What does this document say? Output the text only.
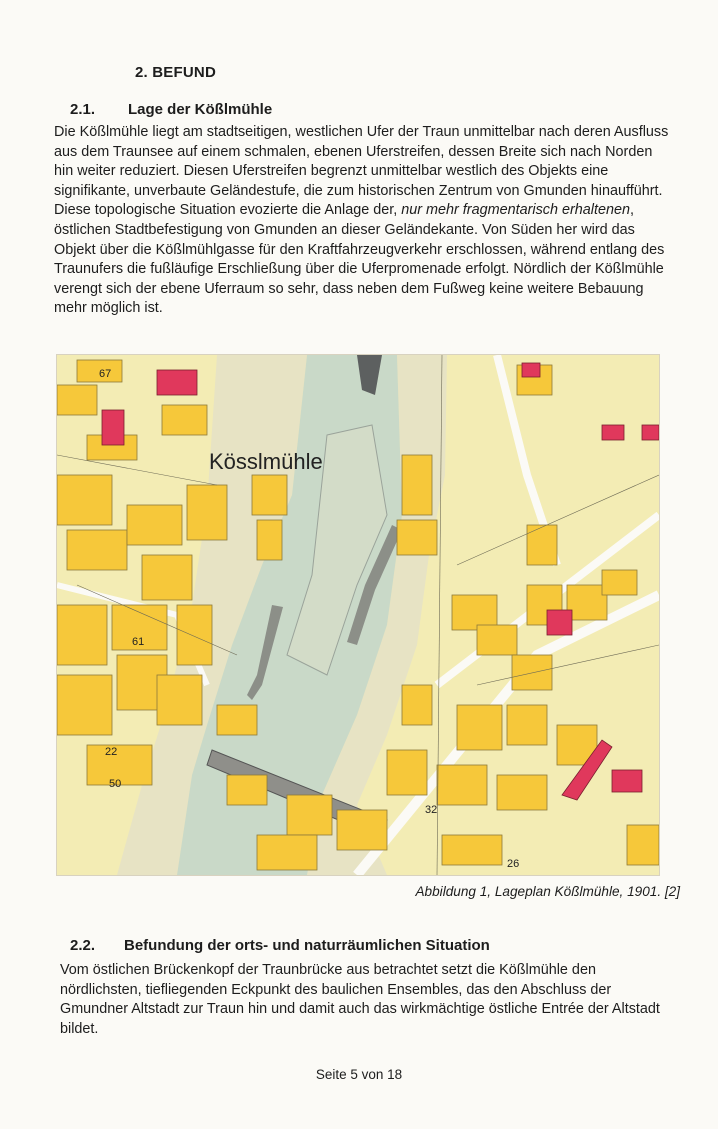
2. BEFUND
2.1. Lage der Kößlmühle

Die Kößlmühle liegt am stadtseitigen, westlichen Ufer der Traun unmittelbar nach deren Ausfluss aus dem Traunsee auf einem schmalen, ebenen Uferstreifen, dessen Breite sich nach Norden hin weiter reduziert. Diesen Uferstreifen begrenzt unmittelbar westlich des Objekts eine signifikante, unverbaute Geländestufe, die zum historischen Zentrum von Gmunden hinaufführt. Diese topologische Situation evozierte die Anlage der, nur mehr fragmentarisch erhaltenen, östlichen Stadtbefestigung von Gmunden an dieser Geländekante. Von Süden her wird das Objekt über die Kößlmühlgasse für den Kraftfahrzeugverkehr erschlossen, während entlang des Traunufers die fußläufige Erschließung über die Uferpromenade erfolgt. Nördlich der Kößlmühle verengt sich der ebene Uferraum so sehr, dass neben dem Fußweg keine weitere Bebauung mehr möglich ist.

Kösslmühle
67
61
22
50
32
26
Abbildung 1, Lageplan Kößlmühle, 1901. [2]
2.2. Befundung der orts- und naturräumlichen Situation

Vom östlichen Brückenkopf der Traunbrücke aus betrachtet setzt die Kößlmühle den nördlichsten, tiefliegenden Eckpunkt des baulichen Ensembles, das den Abschluss der Gmundner Altstadt zur Traun hin und damit auch das wirkmächtige östliche Entrée der Altstadt bildet.

Seite 5 von 18
